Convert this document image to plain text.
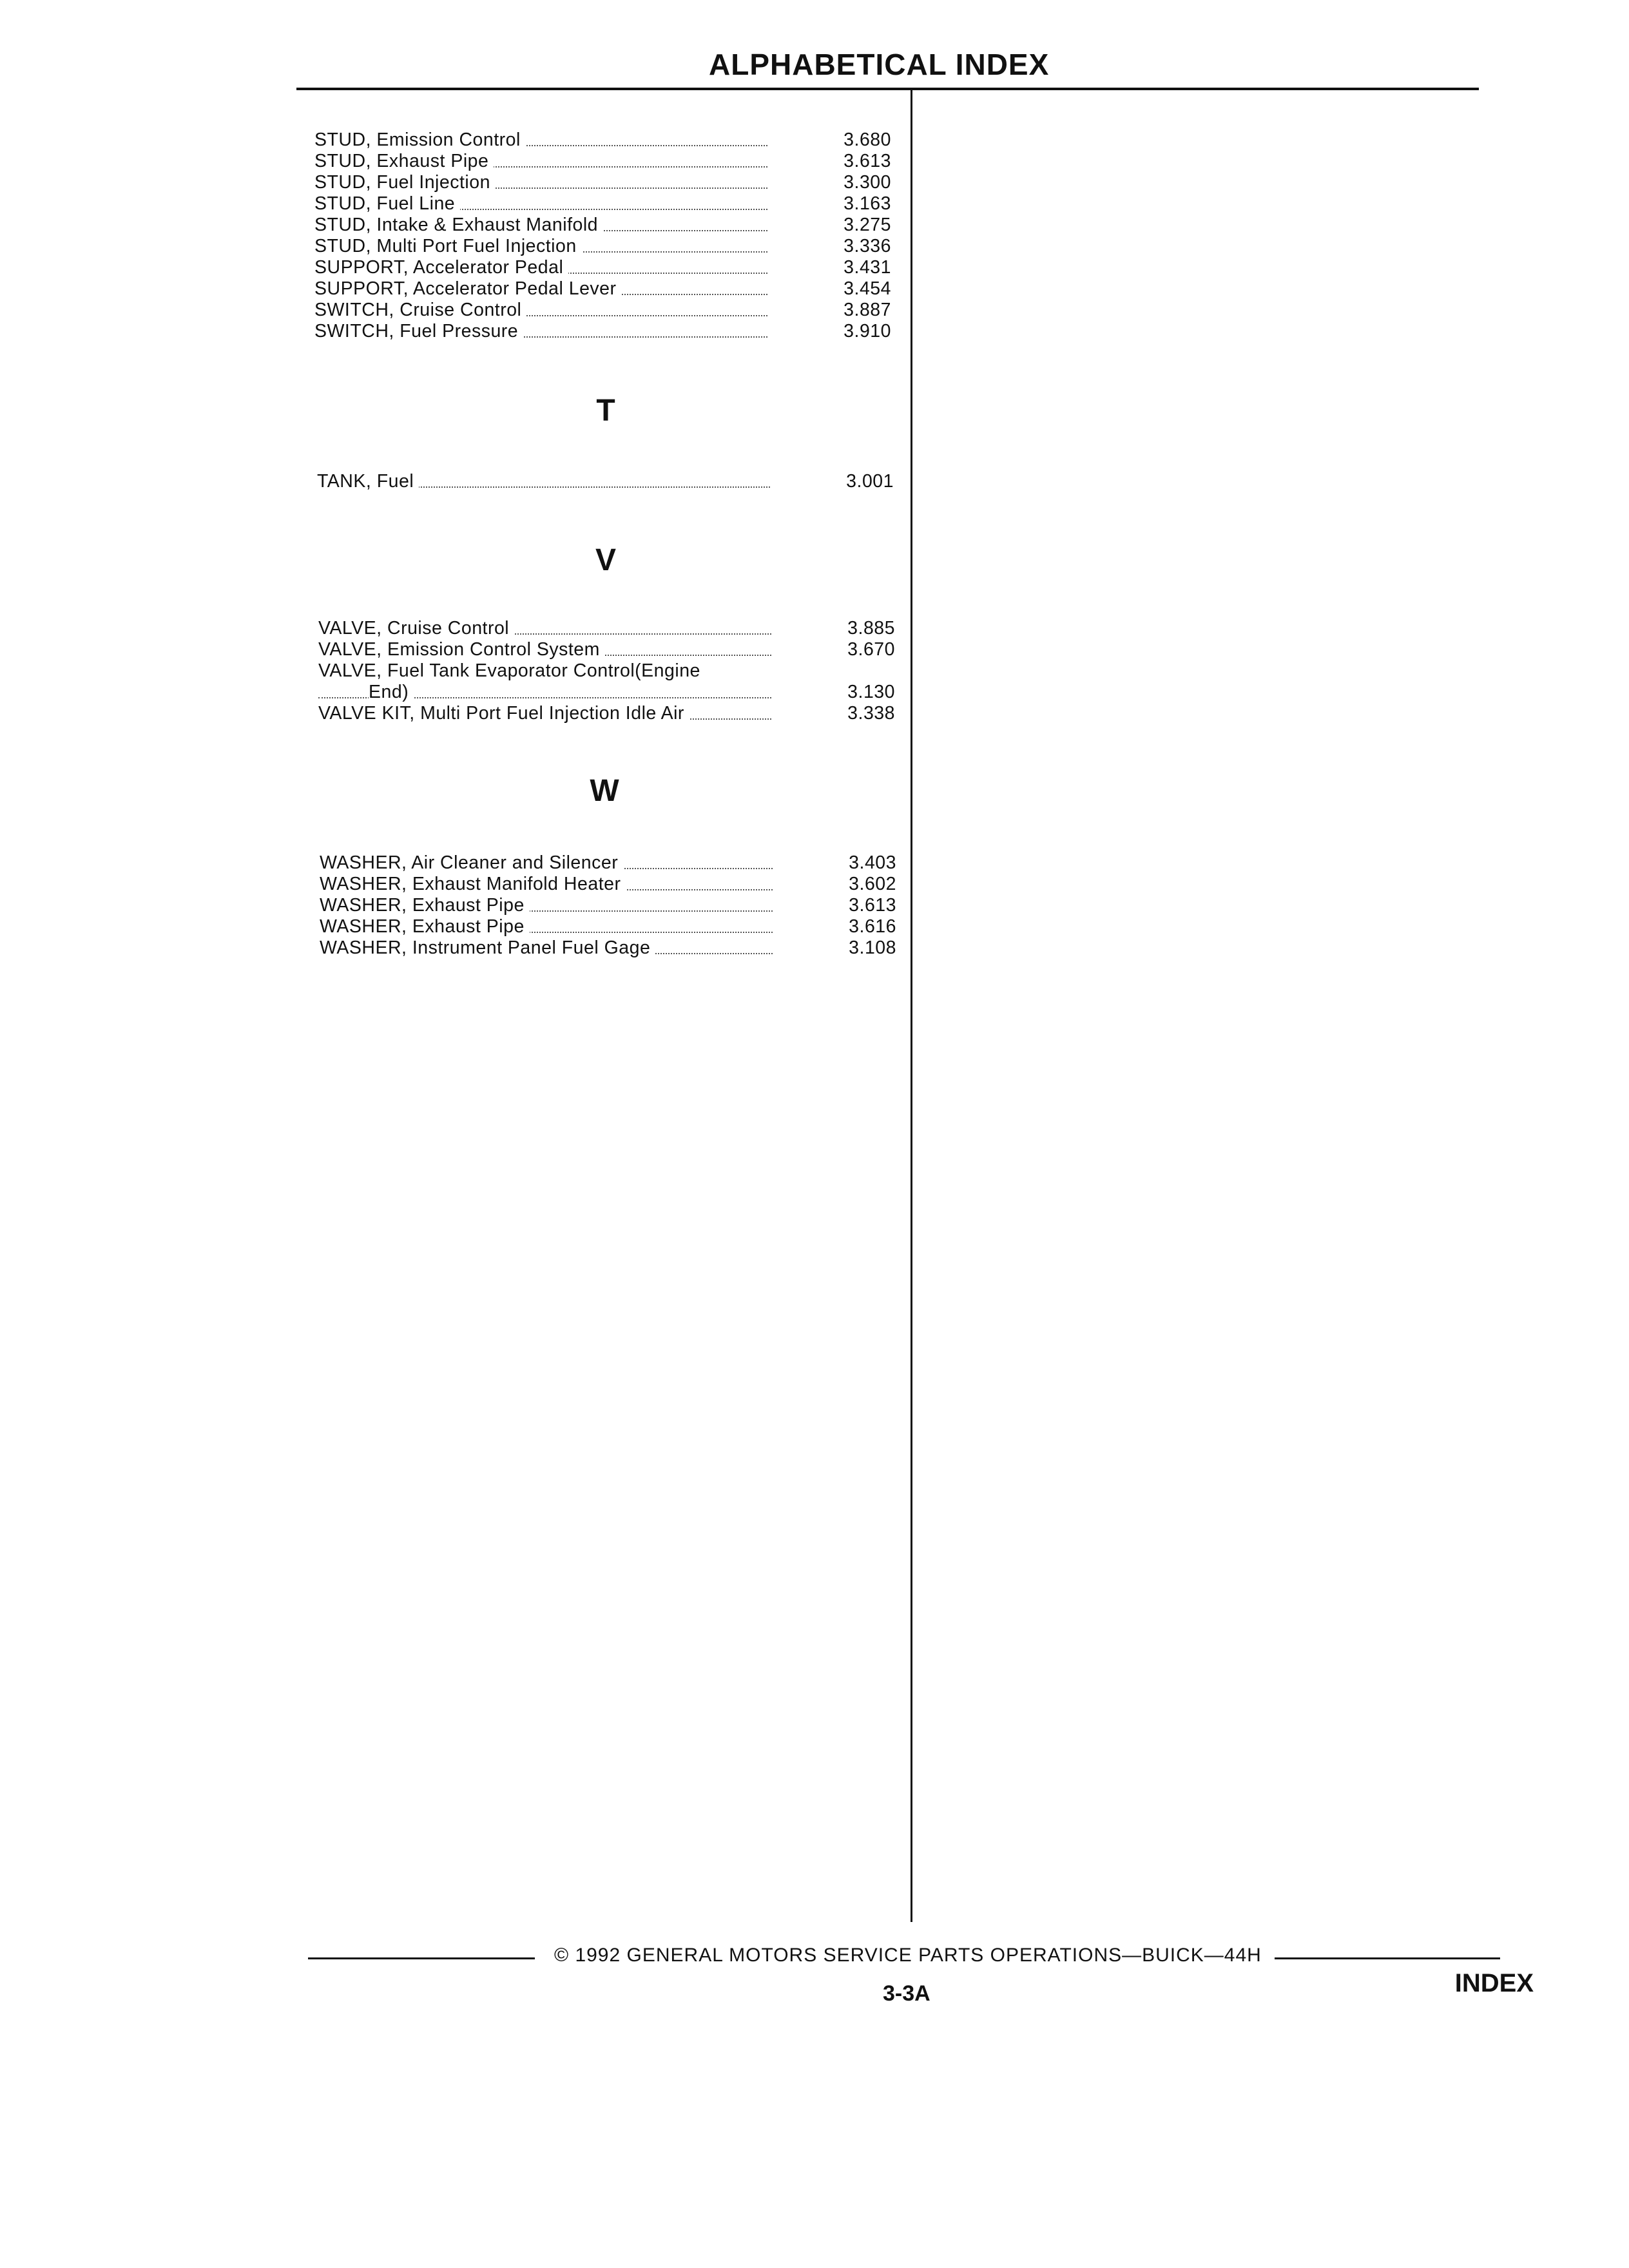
ALPHABETICAL INDEX
STUD, Emission Control	3.680
STUD, Exhaust Pipe	3.613
STUD, Fuel Injection	3.300
STUD, Fuel Line	3.163
STUD, Intake & Exhaust Manifold	3.275
STUD, Multi Port Fuel Injection	3.336
SUPPORT, Accelerator Pedal	3.431
SUPPORT, Accelerator Pedal Lever	3.454
SWITCH, Cruise Control	3.887
SWITCH, Fuel Pressure	3.910
T
TANK, Fuel	3.001
V
VALVE, Cruise Control	3.885
VALVE, Emission Control System	3.670
VALVE, Fuel Tank Evaporator Control(Engine
End)	3.130
VALVE KIT, Multi Port Fuel Injection Idle Air	3.338
W
WASHER, Air Cleaner and Silencer	3.403
WASHER, Exhaust Manifold Heater	3.602
WASHER, Exhaust Pipe	3.613
WASHER, Exhaust Pipe	3.616
WASHER, Instrument Panel Fuel Gage	3.108
© 1992 GENERAL MOTORS SERVICE PARTS OPERATIONS—BUICK—44H
3-3A	INDEX
